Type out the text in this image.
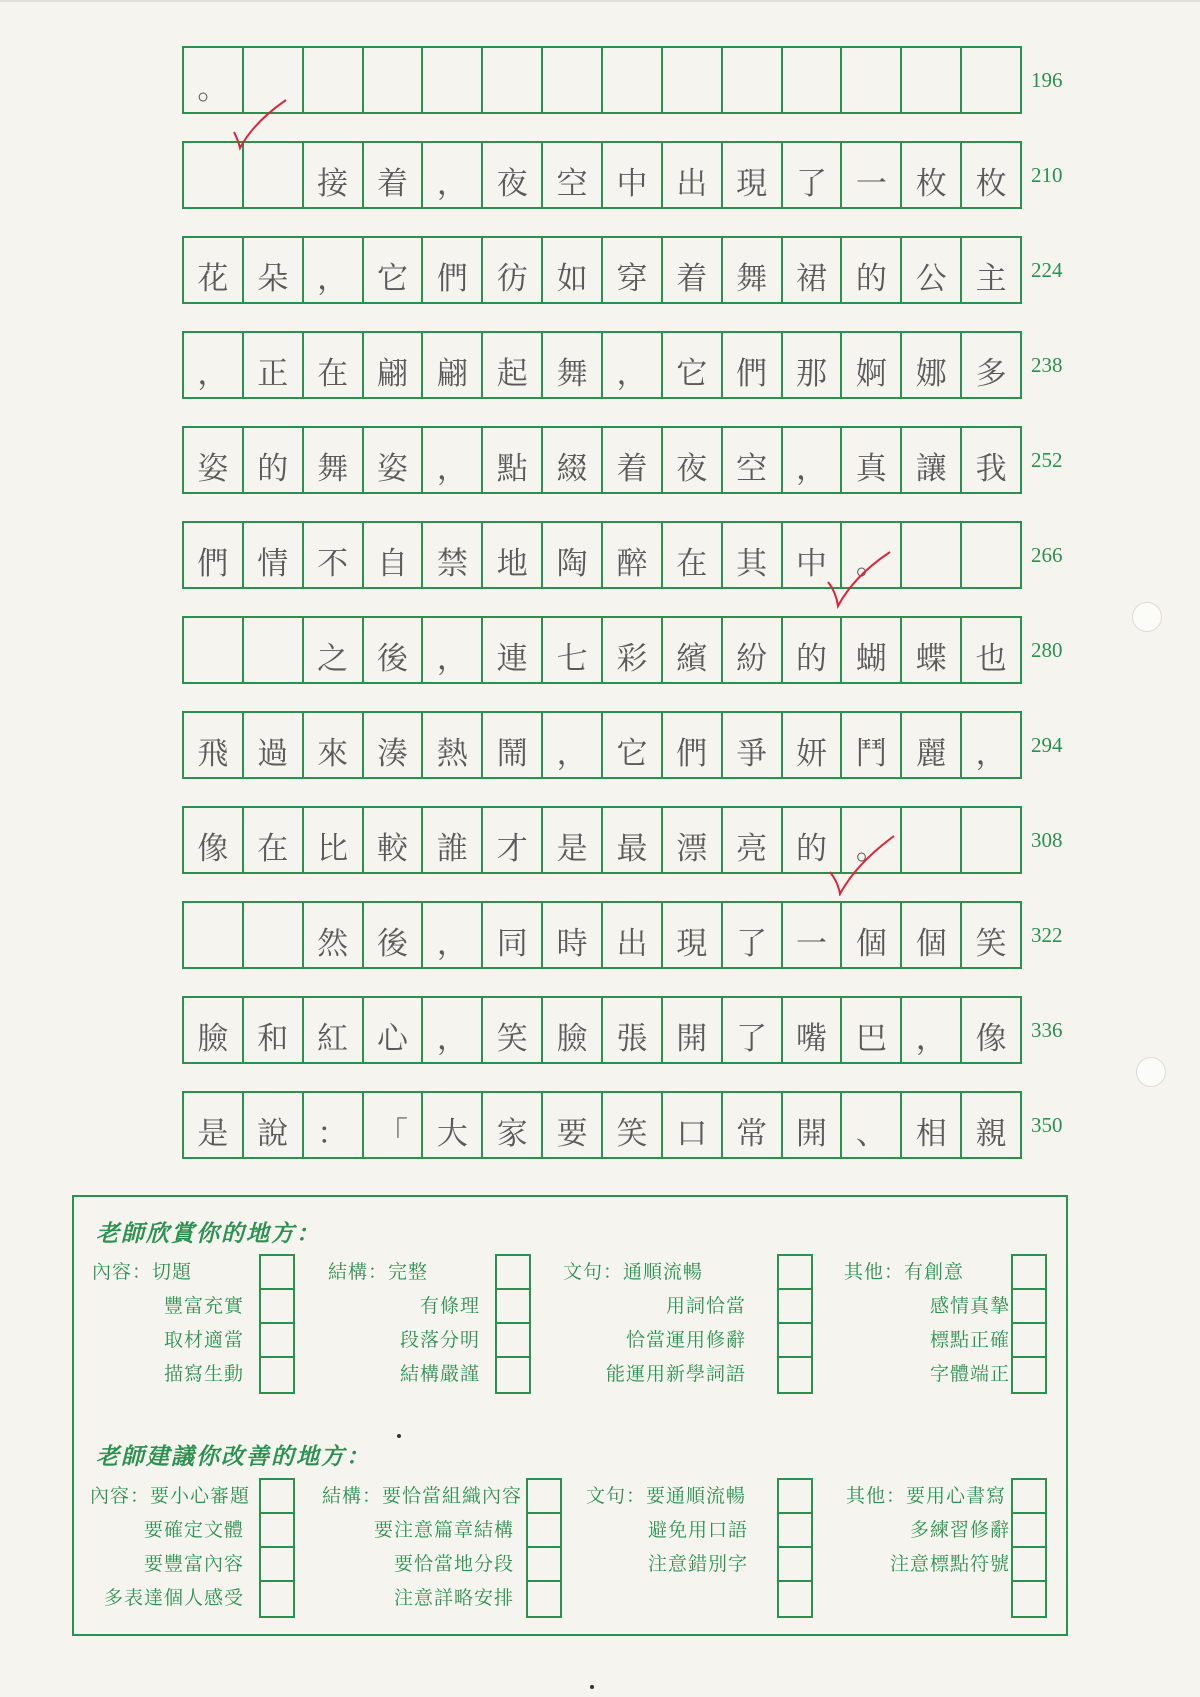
。	196
接 着 ， 夜 空 中 出 現 了 一 枚 枚	210
花 朵 ， 它 們 彷 如 穿 着 舞 裙 的 公 主	224
， 正 在 翩 翩 起 舞 ， 它 們 那 婀 娜 多	238
姿 的 舞 姿 ， 點 綴 着 夜 空 ， 真 讓 我	252
們 情 不 自 禁 地 陶 醉 在 其 中 。	266
之 後 ， 連 七 彩 繽 紛 的 蝴 蝶 也	280
飛 過 來 湊 熱 鬧 ， 它 們 爭 妍 鬥 麗 ，	294
像 在 比 較 誰 才 是 最 漂 亮 的 。	308
然 後 ， 同 時 出 現 了 一 個 個 笑	322
臉 和 紅 心 ， 笑 臉 張 開 了 嘴 巴 ， 像	336
是 說 ： 「 大 家 要 笑 口 常 開 、 相 親	350
老師欣賞你的地方：
內容：切題
豐富充實
取材適當
描寫生動
結構：完整
有條理
段落分明
結構嚴謹
文句：通順流暢
用詞恰當
恰當運用修辭
能運用新學詞語
其他：有創意
感情真摯
標點正確
字體端正
老師建議你改善的地方：
內容：要小心審題
要確定文體
要豐富內容
多表達個人感受
結構：要恰當組織內容
要注意篇章結構
要恰當地分段
注意詳略安排
文句：要通順流暢
避免用口語
注意錯別字
其他：要用心書寫
多練習修辭
注意標點符號
